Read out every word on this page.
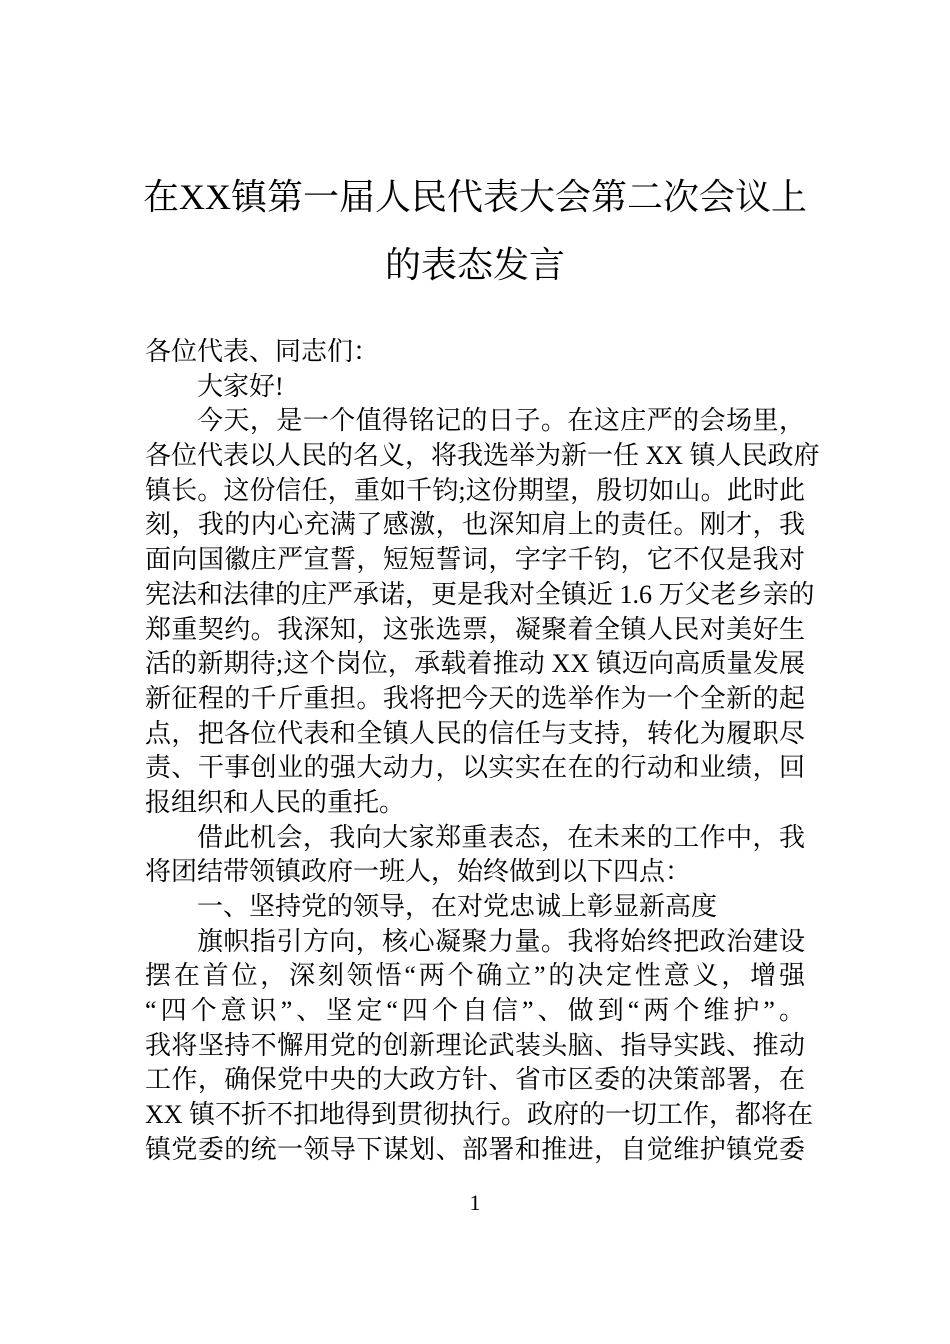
在XX镇第一届人民代表大会第二次会议上
的表态发言
各位代表、同志们：
大家好!
今天，是一个值得铭记的日子。在这庄严的会场里，
各位代表以人民的名义，将我选举为新一任 XX 镇人民政府
镇长。这份信任，重如千钧;这份期望，殷切如山。此时此
刻，我的内心充满了感激，也深知肩上的责任。刚才，我
面向国徽庄严宣誓，短短誓词，字字千钧，它不仅是我对
宪法和法律的庄严承诺，更是我对全镇近 1.6 万父老乡亲的
郑重契约。我深知，这张选票，凝聚着全镇人民对美好生
活的新期待;这个岗位，承载着推动 XX 镇迈向高质量发展
新征程的千斤重担。我将把今天的选举作为一个全新的起
点，把各位代表和全镇人民的信任与支持，转化为履职尽
责、干事创业的强大动力，以实实在在的行动和业绩，回
报组织和人民的重托。
借此机会，我向大家郑重表态，在未来的工作中，我
将团结带领镇政府一班人，始终做到以下四点：
一、坚持党的领导，在对党忠诚上彰显新高度
旗帜指引方向，核心凝聚力量。我将始终把政治建设
摆在首位，深刻领悟“两个确立”的决定性意义，增强
“四个意识”、坚定“四个自信”、做到“两个维护”。
我将坚持不懈用党的创新理论武装头脑、指导实践、推动
工作，确保党中央的大政方针、省市区委的决策部署，在
XX 镇不折不扣地得到贯彻执行。政府的一切工作，都将在
镇党委的统一领导下谋划、部署和推进，自觉维护镇党委
1
